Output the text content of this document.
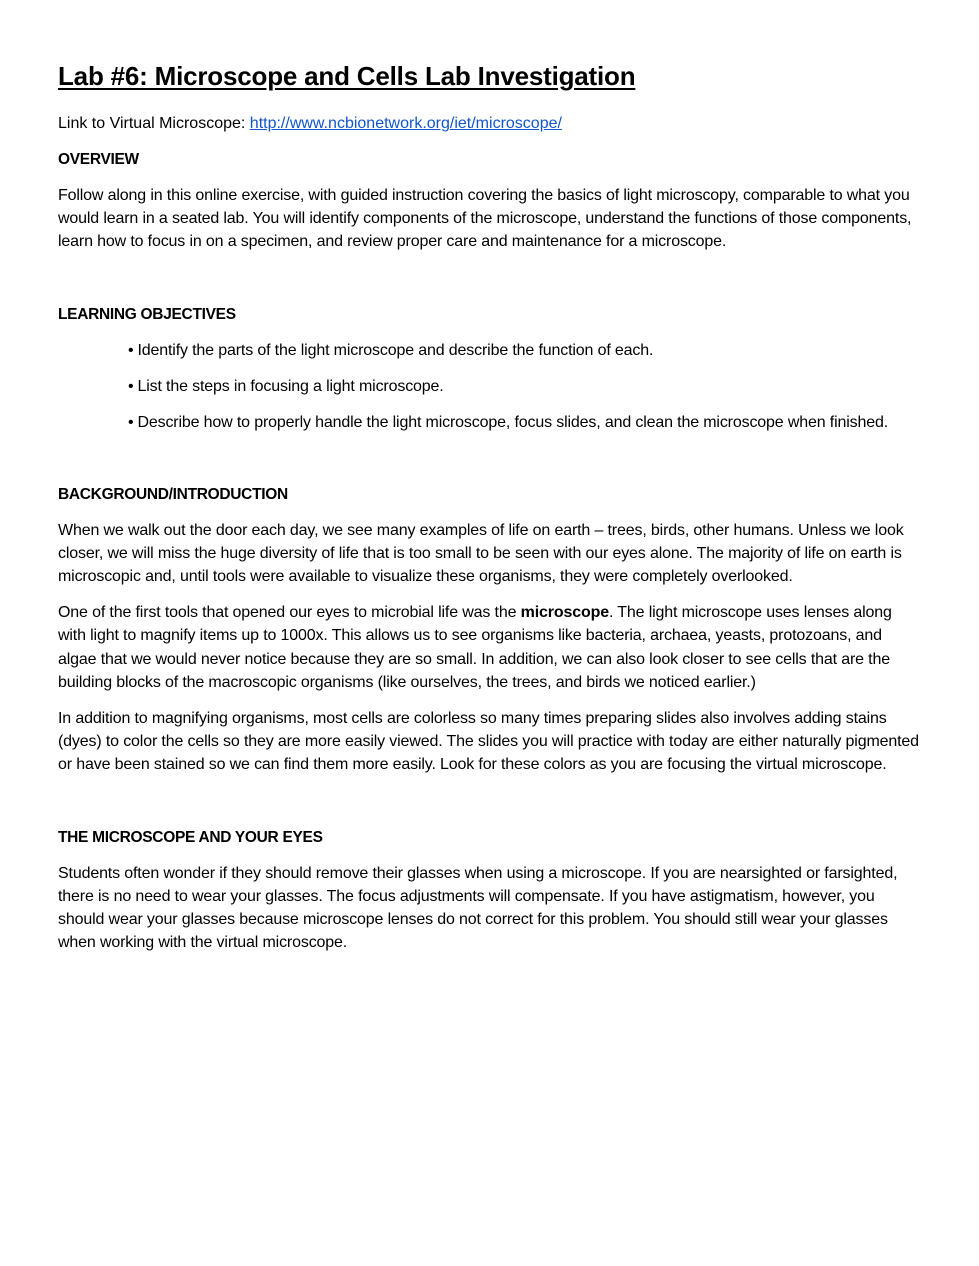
Lab #6: Microscope and Cells Lab Investigation

Link to Virtual Microscope: http://www.ncbionetwork.org/iet/microscope/

OVERVIEW

Follow along in this online exercise, with guided instruction covering the basics of light microscopy, comparable to what you would learn in a seated lab. You will identify components of the microscope, understand the functions of those components, learn how to focus in on a specimen, and review proper care and maintenance for a microscope.

LEARNING OBJECTIVES
• Identify the parts of the light microscope and describe the function of each.
• List the steps in focusing a light microscope.
• Describe how to properly handle the light microscope, focus slides, and clean the microscope when finished.
BACKGROUND/INTRODUCTION

When we walk out the door each day, we see many examples of life on earth – trees, birds, other humans. Unless we look closer, we will miss the huge diversity of life that is too small to be seen with our eyes alone. The majority of life on earth is microscopic and, until tools were available to visualize these organisms, they were completely overlooked.

One of the first tools that opened our eyes to microbial life was the microscope. The light microscope uses lenses along with light to magnify items up to 1000x. This allows us to see organisms like bacteria, archaea, yeasts, protozoans, and algae that we would never notice because they are so small. In addition, we can also look closer to see cells that are the building blocks of the macroscopic organisms (like ourselves, the trees, and birds we noticed earlier.)

In addition to magnifying organisms, most cells are colorless so many times preparing slides also involves adding stains (dyes) to color the cells so they are more easily viewed. The slides you will practice with today are either naturally pigmented or have been stained so we can find them more easily. Look for these colors as you are focusing the virtual microscope.

THE MICROSCOPE AND YOUR EYES

Students often wonder if they should remove their glasses when using a microscope. If you are nearsighted or farsighted, there is no need to wear your glasses. The focus adjustments will compensate. If you have astigmatism, however, you should wear your glasses because microscope lenses do not correct for this problem. You should still wear your glasses when working with the virtual microscope.
